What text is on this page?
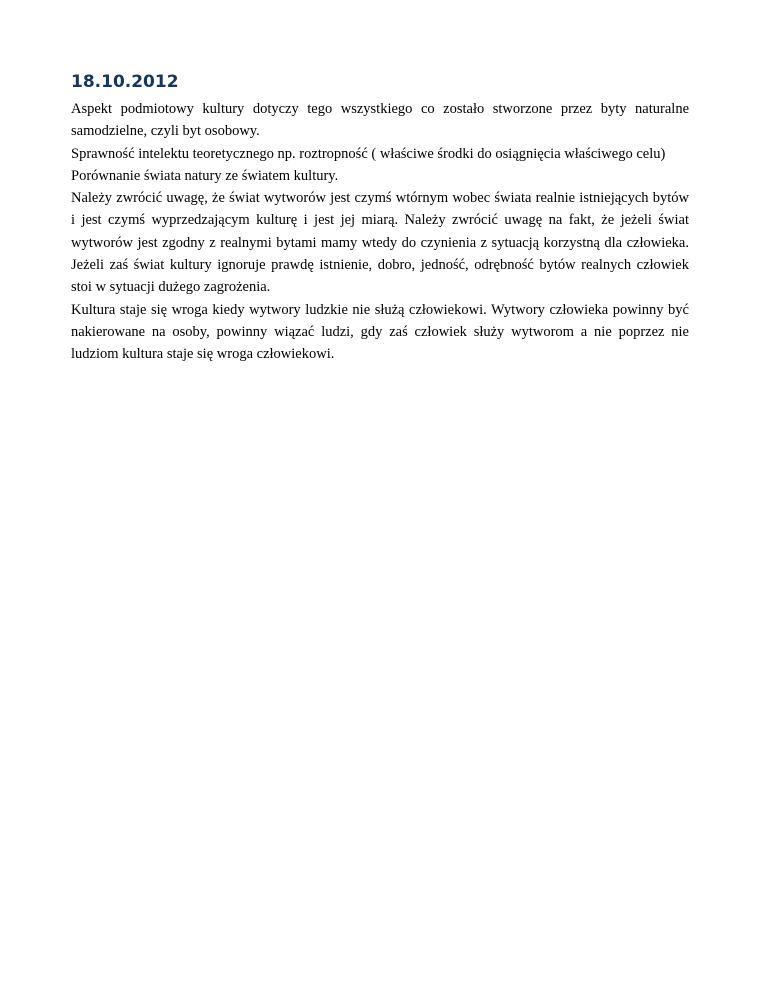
18.10.2012

Aspekt podmiotowy kultury dotyczy tego wszystkiego co zostało stworzone przez byty naturalne samodzielne, czyli byt osobowy.

Sprawność intelektu teoretycznego np. roztropność ( właściwe środki do osiągnięcia właściwego celu)

Porównanie świata natury ze światem kultury.

Należy zwrócić uwagę, że świat wytworów jest czymś wtórnym wobec świata realnie istniejących bytów i jest czymś wyprzedzającym kulturę i jest jej miarą. Należy zwrócić uwagę na fakt, że jeżeli świat wytworów jest zgodny z realnymi bytami mamy wtedy do czynienia z sytuacją korzystną dla człowieka. Jeżeli zaś świat kultury ignoruje prawdę istnienie, dobro, jedność, odrębność bytów realnych człowiek stoi w sytuacji dużego zagrożenia.

Kultura staje się wroga kiedy wytwory ludzkie nie służą człowiekowi. Wytwory człowieka powinny być nakierowane na osoby, powinny wiązać ludzi, gdy zaś człowiek służy wytworom a nie poprzez nie ludziom kultura staje się wroga człowiekowi.
